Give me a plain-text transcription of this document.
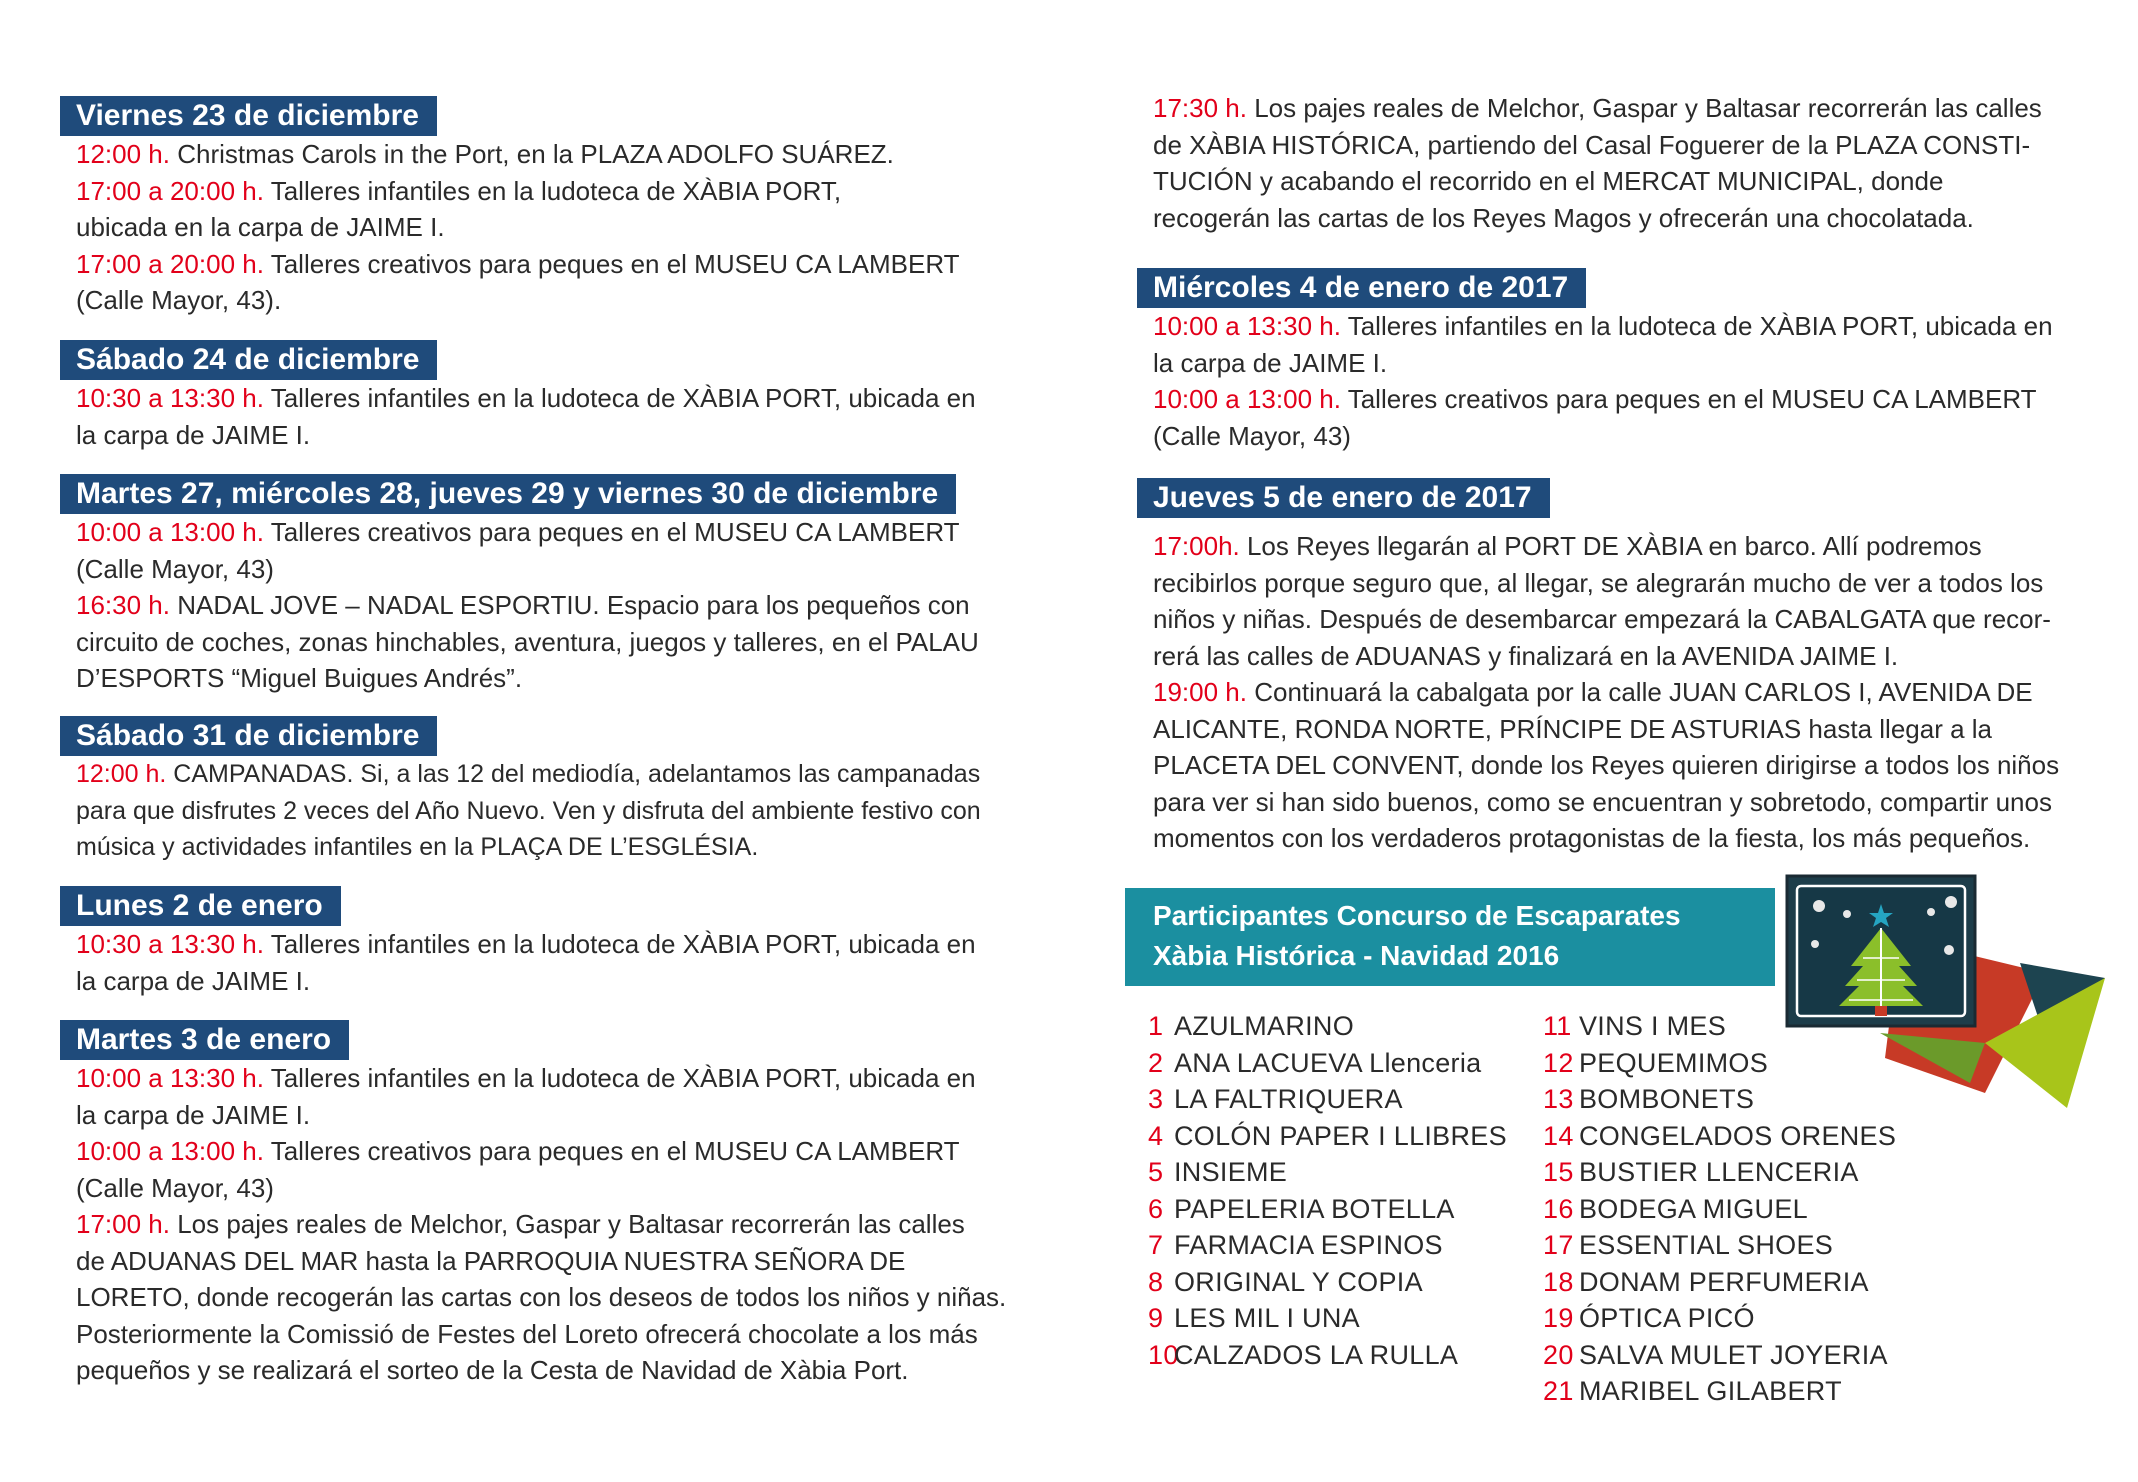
Viernes 23 de diciembre
12:00 h. Christmas Carols in the Port, en la PLAZA ADOLFO SUÁREZ.
17:00 a 20:00 h. Talleres infantiles en la ludoteca de XÀBIA PORT,
ubicada en la carpa de JAIME I.
17:00 a 20:00 h. Talleres creativos para peques en el MUSEU CA LAMBERT
(Calle Mayor, 43).
Sábado 24 de diciembre
10:30 a 13:30 h. Talleres infantiles en la ludoteca de XÀBIA PORT, ubicada en
la carpa de JAIME I.
Martes 27, miércoles 28, jueves 29 y viernes 30 de diciembre
10:00 a 13:00 h. Talleres creativos para peques en el MUSEU CA LAMBERT
(Calle Mayor, 43)
16:30 h. NADAL JOVE – NADAL ESPORTIU. Espacio para los pequeños con
circuito de coches, zonas hinchables, aventura, juegos y talleres, en el PALAU
D’ESPORTS “Miguel Buigues Andrés”.
Sábado 31 de diciembre
12:00 h. CAMPANADAS. Si, a las 12 del mediodía, adelantamos las campanadas
para que disfrutes 2 veces del Año Nuevo. Ven y disfruta del ambiente festivo con
música y actividades infantiles en la PLAÇA DE L’ESGLÉSIA.
Lunes 2 de enero
10:30 a 13:30 h. Talleres infantiles en la ludoteca de XÀBIA PORT, ubicada en
la carpa de JAIME I.
Martes 3 de enero
10:00 a 13:30 h. Talleres infantiles en la ludoteca de XÀBIA PORT, ubicada en
la carpa de JAIME I.
10:00 a 13:00 h. Talleres creativos para peques en el MUSEU CA LAMBERT
(Calle Mayor, 43)
17:00 h. Los pajes reales de Melchor, Gaspar y Baltasar recorrerán las calles
de ADUANAS DEL MAR hasta la PARROQUIA NUESTRA SEÑORA DE
LORETO, donde recogerán las cartas con los deseos de todos los niños y niñas.
Posteriormente la Comissió de Festes del Loreto ofrecerá chocolate a los más
pequeños y se realizará el sorteo de la Cesta de Navidad de Xàbia Port.
17:30 h. Los pajes reales de Melchor, Gaspar y Baltasar recorrerán las calles
de XÀBIA HISTÓRICA, partiendo del Casal Foguerer de la PLAZA CONSTI-
TUCIÓN y acabando el recorrido en el MERCAT MUNICIPAL, donde
recogerán las cartas de los Reyes Magos y ofrecerán una chocolatada.
Miércoles 4 de enero de 2017
10:00 a 13:30 h. Talleres infantiles en la ludoteca de XÀBIA PORT, ubicada en
la carpa de JAIME I.
10:00 a 13:00 h. Talleres creativos para peques en el MUSEU CA LAMBERT
(Calle Mayor, 43)
Jueves 5 de enero de 2017
17:00h. Los Reyes llegarán al PORT DE XÀBIA en barco. Allí podremos
recibirlos porque seguro que, al llegar, se alegrarán mucho de ver a todos los
niños y niñas. Después de desembarcar empezará la CABALGATA que recor-
rerá las calles de ADUANAS y finalizará en la AVENIDA JAIME I.
19:00 h. Continuará la cabalgata por la calle JUAN CARLOS I, AVENIDA DE
ALICANTE, RONDA NORTE, PRÍNCIPE DE ASTURIAS hasta llegar a la
PLACETA DEL CONVENT, donde los Reyes quieren dirigirse a todos los niños
para ver si han sido buenos, como se encuentran y sobretodo, compartir unos
momentos con los verdaderos protagonistas de la fiesta, los más pequeños.
Participantes Concurso de Escaparates
Xàbia Histórica - Navidad 2016
1 AZULMARINO
2 ANA LACUEVA Llenceria
3 LA FALTRIQUERA
4 COLÓN PAPER I LLIBRES
5 INSIEME
6 PAPELERIA BOTELLA
7 FARMACIA ESPINOS
8 ORIGINAL Y COPIA
9 LES MIL I UNA
10CALZADOS LA RULLA
11 VINS I MES
12 PEQUEMIMOS
13 BOMBONETS
14 CONGELADOS ORENES
15 BUSTIER LLENCERIA
16 BODEGA MIGUEL
17 ESSENTIAL SHOES
18 DONAM PERFUMERIA
19 ÓPTICA PICÓ
20 SALVA MULET JOYERIA
21 MARIBEL GILABERT
